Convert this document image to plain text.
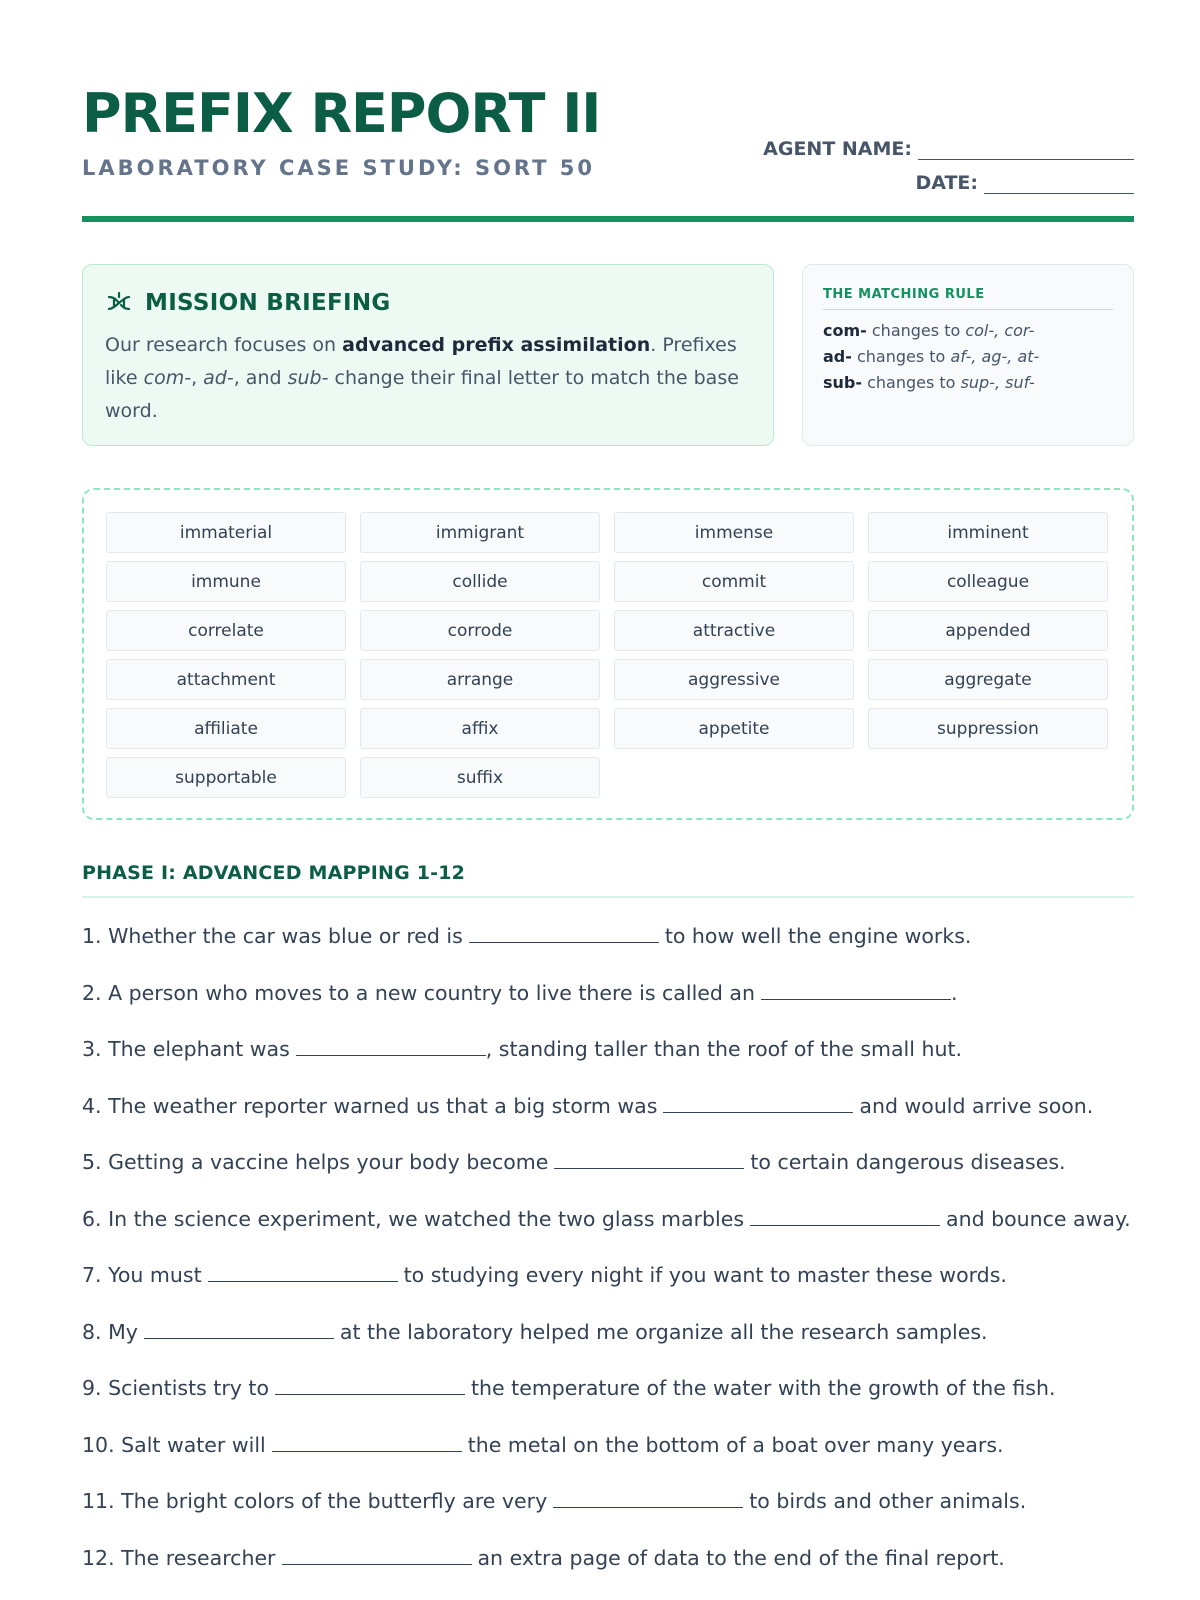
PREFIX REPORT II
LABORATORY CASE STUDY: SORT 50
AGENT NAME:
DATE:
MISSION BRIEFING
Our research focuses on advanced prefix assimilation. Prefixes like com-, ad-, and sub- change their final letter to match the base word.
THE MATCHING RULE
com- changes to col-, cor-
ad- changes to af-, ag-, at-
sub- changes to sup-, suf-
immaterial	immigrant	immense	imminent
immune	collide	commit	colleague
correlate	corrode	attractive	appended
attachment	arrange	aggressive	aggregate
affiliate	affix	appetite	suppression
supportable	suffix
PHASE I: ADVANCED MAPPING 1-12
1. Whether the car was blue or red is	to how well the engine works.
2. A person who moves to a new country to live there is called an	.
3. The elephant was	, standing taller than the roof of the small hut.
4. The weather reporter warned us that a big storm was	and would arrive soon.
5. Getting a vaccine helps your body become	to certain dangerous diseases.
6. In the science experiment, we watched the two glass marbles	and bounce away.
7. You must	to studying every night if you want to master these words.
8. My	at the laboratory helped me organize all the research samples.
9. Scientists try to	the temperature of the water with the growth of the fish.
10. Salt water will	the metal on the bottom of a boat over many years.
11. The bright colors of the butterfly are very	to birds and other animals.
12. The researcher	an extra page of data to the end of the final report.
